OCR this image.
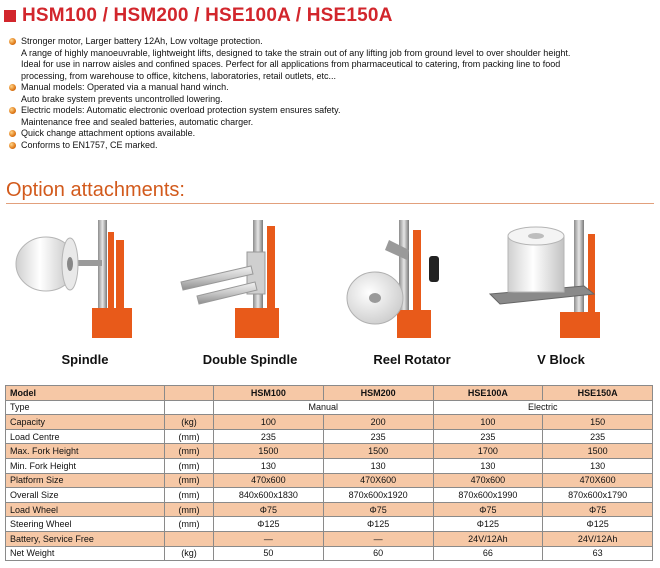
HSM100 / HSM200 / HSE100A / HSE150A
Stronger motor, Larger battery 12Ah, Low voltage protection.
A range of highly manoeuvrable, lightweight lifts, designed to take the strain out of any lifting job from ground level to over shoulder height.
Ideal for use in narrow aisles and confined spaces. Perfect for all applications from pharmaceutical to catering, from packing line to food
processing, from warehouse to office, kitchens, laboratories, retail outlets, etc...
Manual models: Operated via a manual hand winch.
Auto brake system prevents uncontrolled lowering.
Electric models: Automatic electronic overload protection system ensures safety.
Maintenance free and sealed batteries, automatic charger.
Quick change attachment options available.
Conforms to EN1757, CE marked.
Option attachments:
Spindle	Double Spindle	Reel Rotator	V Block
Model		HSM100	HSM200	HSE100A	HSE150A
Type		Manual		Electric	
Capacity	(kg)	100	200	100	150
Load Centre	(mm)	235	235	235	235
Max. Fork Height	(mm)	1500	1500	1700	1500
Min. Fork Height	(mm)	130	130	130	130
Platform Size	(mm)	470x600	470X600	470x600	470X600
Overall Size	(mm)	840x600x1830	870x600x1920	870x600x1990	870x600x1790
Load Wheel	(mm)	Φ75	Φ75	Φ75	Φ75
Steering Wheel	(mm)	Φ125	Φ125	Φ125	Φ125
Battery, Service Free		—	—	24V/12Ah	24V/12Ah
Net Weight	(kg)	50	60	66	63
